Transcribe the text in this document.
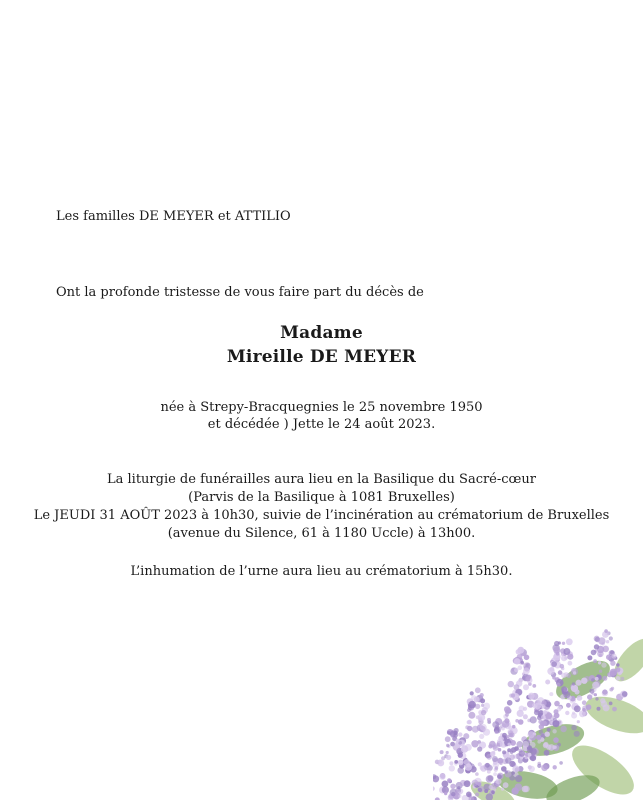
Les familles DE MEYER et ATTILIO
Ont la profonde tristesse de vous faire part du décès de
Madame
Mireille DE MEYER
née à Strepy-Bracquegnies le 25 novembre 1950
et décédée ) Jette le 24 août 2023.
La liturgie de funérailles aura lieu en la Basilique du Sacré-cœur
(Parvis de la Basilique à 1081 Bruxelles)
Le JEUDI 31 AOÛT 2023 à 10h30, suivie de l’incinération au crématorium de Bruxelles
(avenue du Silence, 61 à 1180 Uccle) à 13h00.
L’inhumation de l’urne aura lieu au crématorium à 15h30.
